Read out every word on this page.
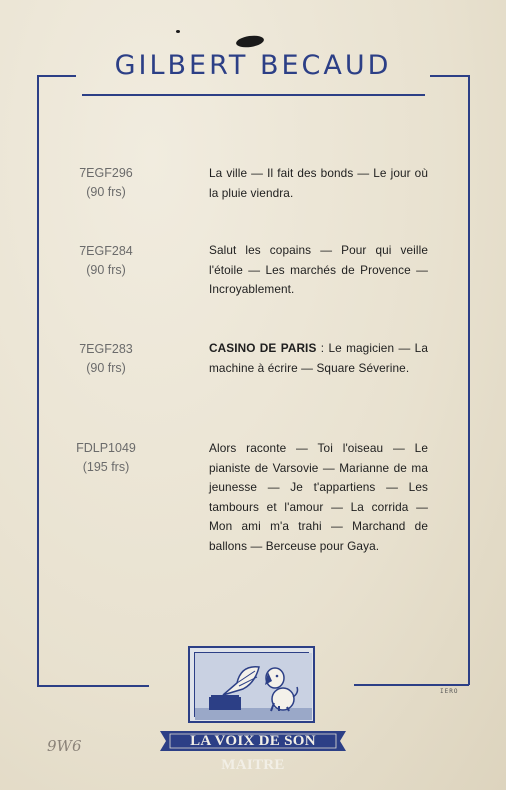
GILBERT BECAUD
7EGF296
(90 frs)
La ville — Il fait des bonds — Le jour où la pluie viendra.
7EGF284
(90 frs)
Salut les copains — Pour qui veille l'étoile — Les marchés de Provence — Incroyablement.
7EGF283
(90 frs)
CASINO DE PARIS : Le magicien — La machine à écrire — Square Séverine.
FDLP1049
(195 frs)
Alors raconte — Toi l'oiseau — Le pianiste de Varsovie — Marianne de ma jeunesse — Je t'appartiens — Les tambours et l'amour — La corrida — Mon ami m'a trahi — Marchand de ballons — Berceuse pour Gaya.
LA VOIX DE SON MAITRE
IERO
9W6
